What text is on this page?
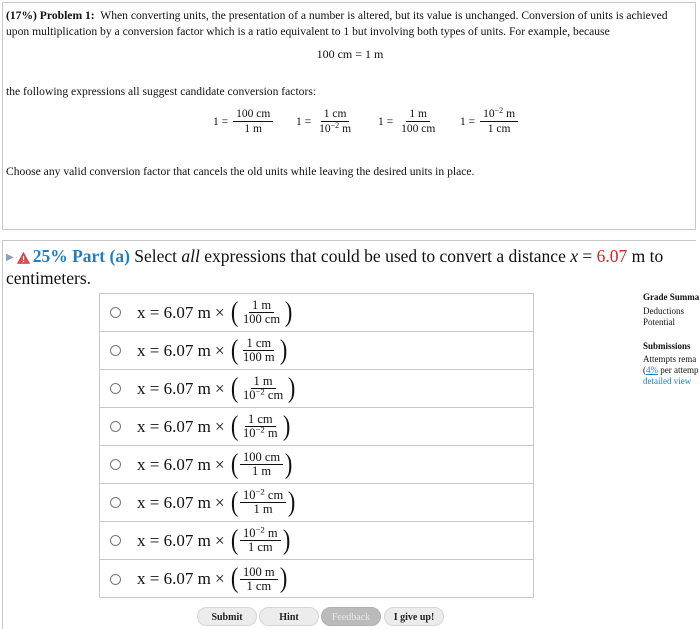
(17%) Problem 1: When converting units, the presentation of a number is altered, but its value is unchanged. Conversion of units is achieved upon multiplication by a conversion factor which is a ratio equivalent to 1 but involving both types of units. For example, because
100 cm = 1 m
the following expressions all suggest candidate conversion factors:
$1 = \frac{100 cm}{1 m} 1 = \frac{1 cm}{10^{-2} m} 1 = \frac{1 m}{100 cm} 1 = \frac{10^{-2} m}{1 cm}$
Choose any valid conversion factor that cancels the old units while leaving the desired units in place.
▶ 25% Part (a) Select all expressions that could be used to convert a distance x = 6.07 m to centimeters.
x = 6.07 m × ( $\frac{1 m}{100 cm}$ )
x = 6.07 m × ( $\frac{1 cm}{100 m}$ )
x = 6.07 m × ( $\frac{1 m}{10^{-2} cm}$ )
x = 6.07 m × ( $\frac{1 cm}{10^{-2} m}$ )
x = 6.07 m × ( $\frac{100 cm}{1 m}$ )
x = 6.07 m × ( $\frac{10^{-2} cm}{1 m}$ )
x = 6.07 m × ( $\frac{10^{-2} m}{1 cm}$ )
x = 6.07 m × ( $\frac{100 m}{1 cm}$ )
Submit	Hint	Feedback	I give up!
Grade Summa
Deductions
Potential
Submissions
Attempts rema
(4% per attemp
detailed view
